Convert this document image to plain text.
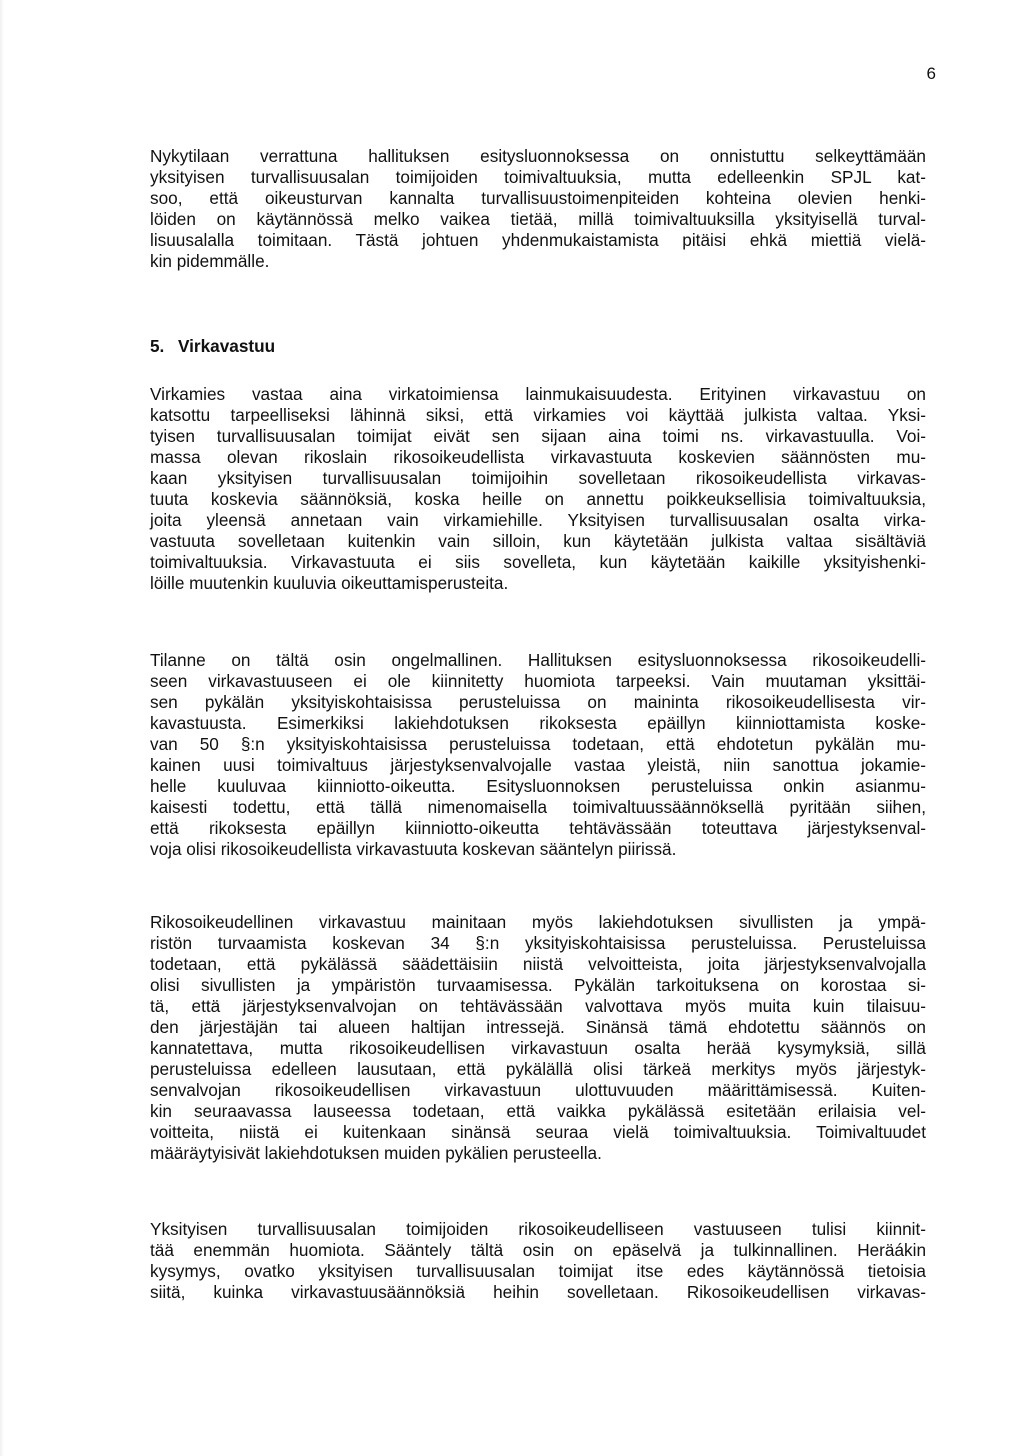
6
Nykytilaan verrattuna hallituksen esitysluonnoksessa on onnistuttu selkeyttämään
yksityisen turvallisuusalan toimijoiden toimivaltuuksia, mutta edelleenkin SPJL kat-
soo, että oikeusturvan kannalta turvallisuustoimenpiteiden kohteina olevien henki-
löiden on käytännössä melko vaikea tietää, millä toimivaltuuksilla yksityisellä turval-
lisuusalalla toimitaan. Tästä johtuen yhdenmukaistamista pitäisi ehkä miettiä vielä-
kin pidemmälle.
5. Virkavastuu
Virkamies vastaa aina virkatoimiensa lainmukaisuudesta. Erityinen virkavastuu on
katsottu tarpeelliseksi lähinnä siksi, että virkamies voi käyttää julkista valtaa. Yksi-
tyisen turvallisuusalan toimijat eivät sen sijaan aina toimi ns. virkavastuulla. Voi-
massa olevan rikoslain rikosoikeudellista virkavastuuta koskevien säännösten mu-
kaan yksityisen turvallisuusalan toimijoihin sovelletaan rikosoikeudellista virkavas-
tuuta koskevia säännöksiä, koska heille on annettu poikkeuksellisia toimivaltuuksia,
joita yleensä annetaan vain virkamiehille. Yksityisen turvallisuusalan osalta virka-
vastuuta sovelletaan kuitenkin vain silloin, kun käytetään julkista valtaa sisältäviä
toimivaltuuksia. Virkavastuuta ei siis sovelleta, kun käytetään kaikille yksityishenki-
löille muutenkin kuuluvia oikeuttamisperusteita.
Tilanne on tältä osin ongelmallinen. Hallituksen esitysluonnoksessa rikosoikeudelli-
seen virkavastuuseen ei ole kiinnitetty huomiota tarpeeksi. Vain muutaman yksittäi-
sen pykälän yksityiskohtaisissa perusteluissa on maininta rikosoikeudellisesta vir-
kavastuusta. Esimerkiksi lakiehdotuksen rikoksesta epäillyn kiinniottamista koske-
van 50 §:n yksityiskohtaisissa perusteluissa todetaan, että ehdotetun pykälän mu-
kainen uusi toimivaltuus järjestyksenvalvojalle vastaa yleistä, niin sanottua jokamie-
helle kuuluvaa kiinniotto-oikeutta. Esitysluonnoksen perusteluissa onkin asianmu-
kaisesti todettu, että tällä nimenomaisella toimivaltuussäännöksellä pyritään siihen,
että rikoksesta epäillyn kiinniotto-oikeutta tehtävässään toteuttava järjestyksenval-
voja olisi rikosoikeudellista virkavastuuta koskevan sääntelyn piirissä.
Rikosoikeudellinen virkavastuu mainitaan myös lakiehdotuksen sivullisten ja ympä-
ristön turvaamista koskevan 34 §:n yksityiskohtaisissa perusteluissa. Perusteluissa
todetaan, että pykälässä säädettäisiin niistä velvoitteista, joita järjestyksenvalvojalla
olisi sivullisten ja ympäristön turvaamisessa. Pykälän tarkoituksena on korostaa si-
tä, että järjestyksenvalvojan on tehtävässään valvottava myös muita kuin tilaisuu-
den järjestäjän tai alueen haltijan intressejä. Sinänsä tämä ehdotettu säännös on
kannatettava, mutta rikosoikeudellisen virkavastuun osalta herää kysymyksiä, sillä
perusteluissa edelleen lausutaan, että pykälällä olisi tärkeä merkitys myös järjestyk-
senvalvojan rikosoikeudellisen virkavastuun ulottuvuuden määrittämisessä. Kuiten-
kin seuraavassa lauseessa todetaan, että vaikka pykälässä esitetään erilaisia vel-
voitteita, niistä ei kuitenkaan sinänsä seuraa vielä toimivaltuuksia. Toimivaltuudet
määräytyisivät lakiehdotuksen muiden pykälien perusteella.
Yksityisen turvallisuusalan toimijoiden rikosoikeudelliseen vastuuseen tulisi kiinnit-
tää enemmän huomiota. Sääntely tältä osin on epäselvä ja tulkinnallinen. Heräákin
kysymys, ovatko yksityisen turvallisuusalan toimijat itse edes käytännössä tietoisia
siitä, kuinka virkavastuusäännöksiä heihin sovelletaan. Rikosoikeudellisen virkavas-
